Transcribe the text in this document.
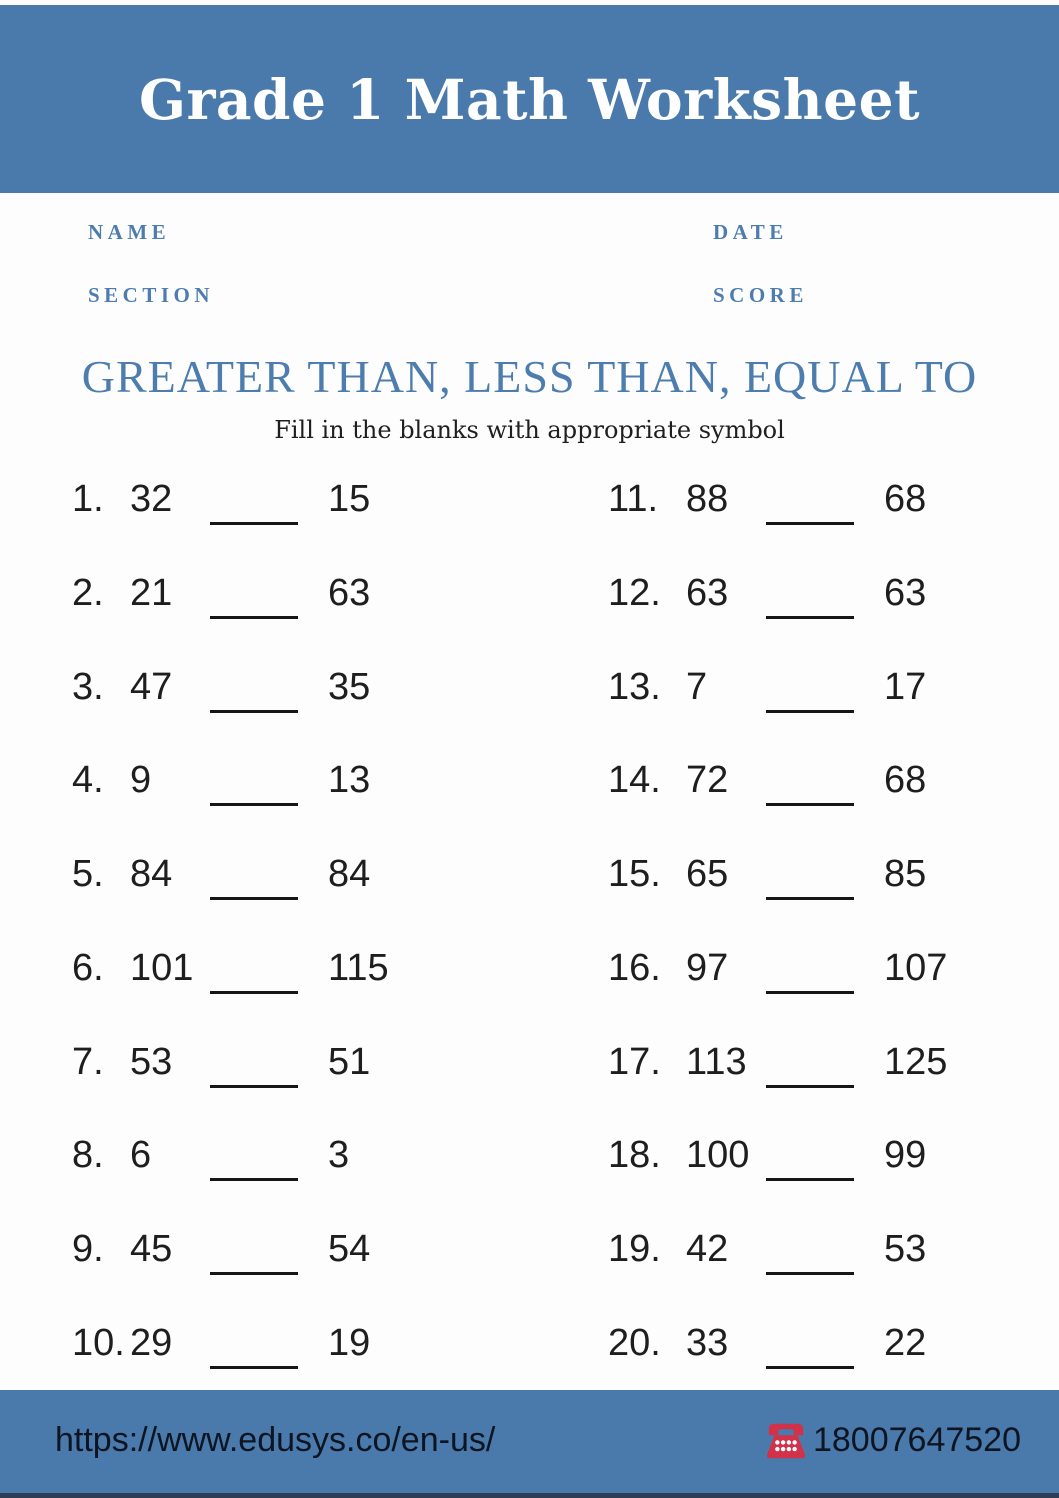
Grade 1 Math Worksheet
NAME	DATE
SECTION	SCORE
GREATER THAN, LESS THAN, EQUAL TO
Fill in the blanks with appropriate symbol
1. 32	15
2. 21	63
3. 47	35
4. 9	13
5. 84	84
6. 101	115
7. 53	51
8. 6	3
9. 45	54
10. 29	19
11. 88	68
12. 63	63
13. 7	17
14. 72	68
15. 65	85
16. 97	107
17. 113	125
18. 100	99
19. 42	53
20. 33	22
https://www.edusys.co/en-us/	18007647520
